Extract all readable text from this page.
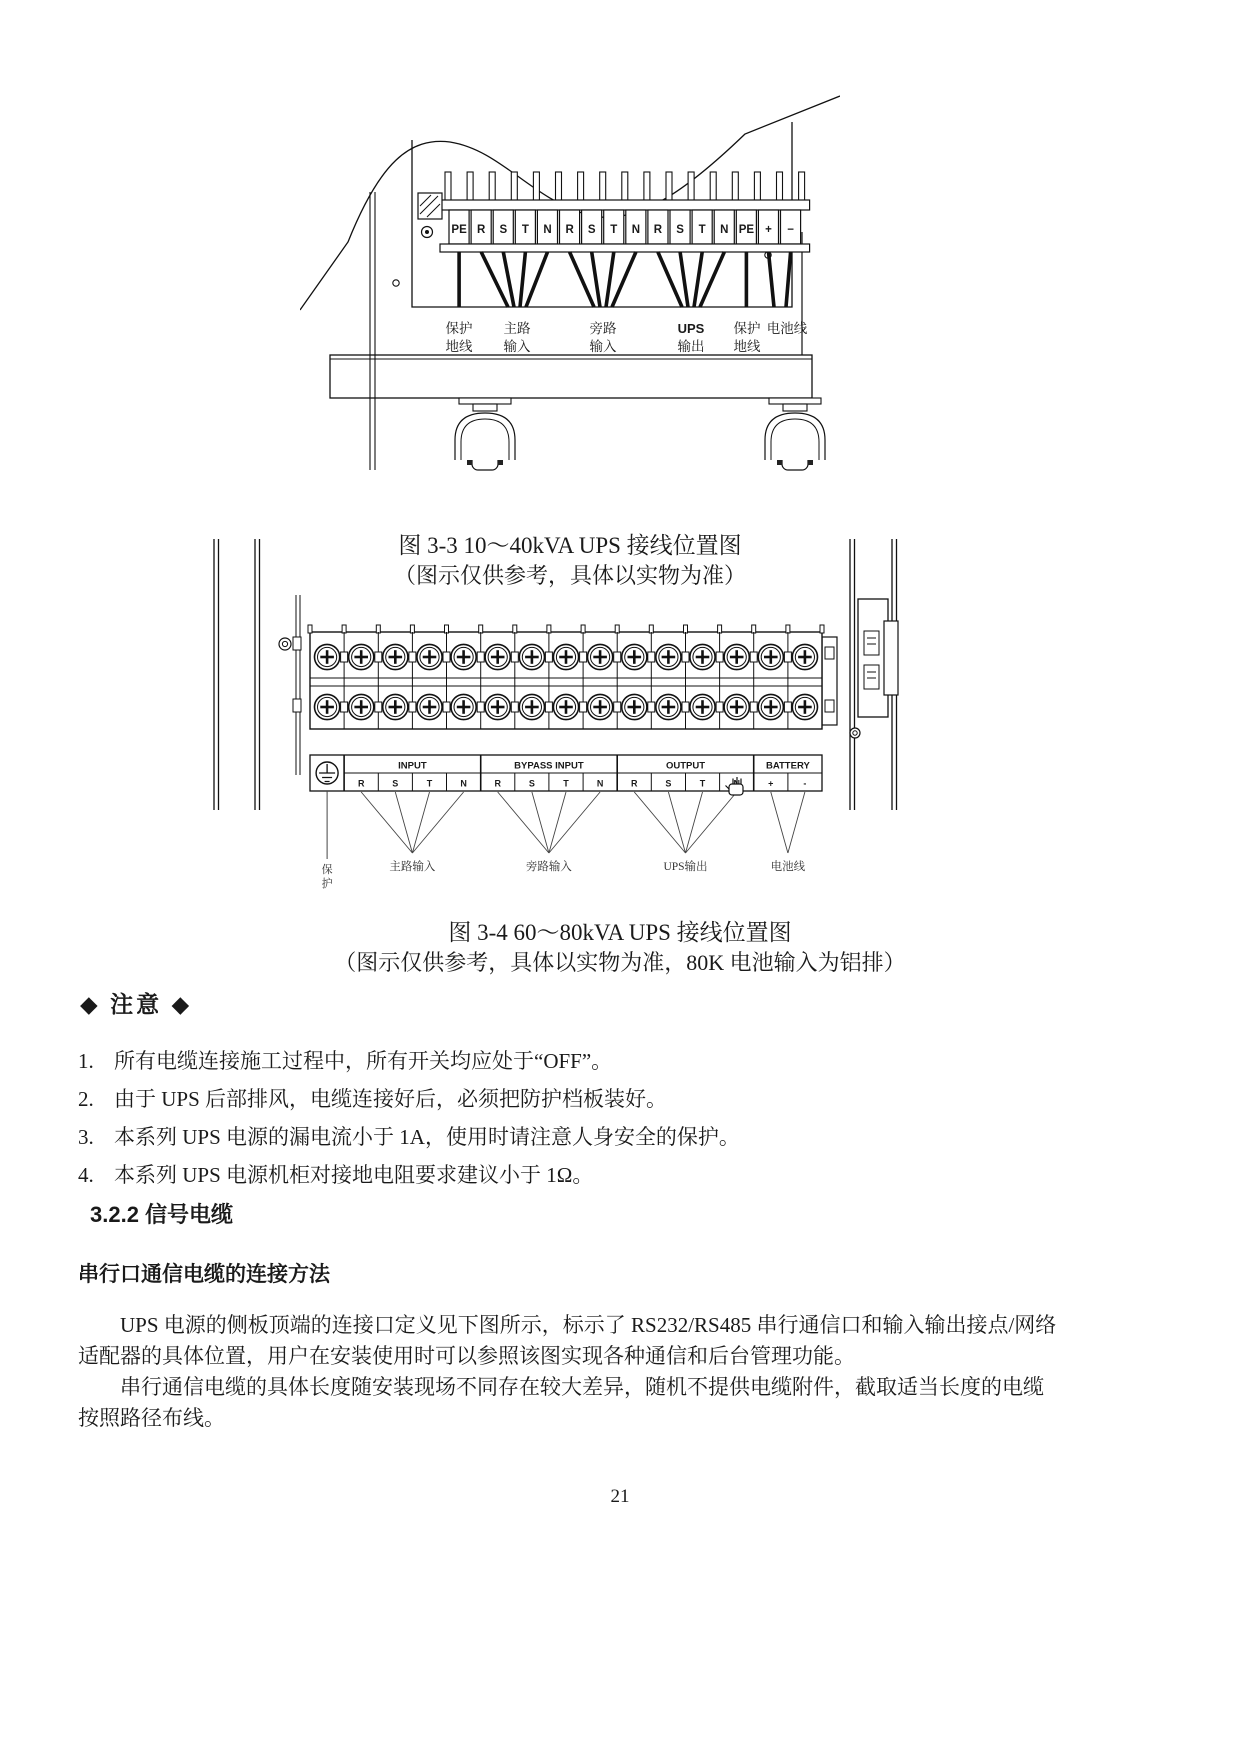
PE R S T N R S T N R S T N PE + −
保护
地线
主路
输入
旁路
输入
UPS
输出
保护
地线
电池线
INPUT
R	S	T	N
主路输入
BYPASS INPUT
R	S	T	N
旁路输入
OUTPUT
R	S	T
UPS输出
BATTERY
+	-
电池线
保
护
图 3-3 10～40kVA UPS 接线位置图
（图示仅供参考，具体以实物为准）
图 3-4 60～80kVA UPS 接线位置图
（图示仅供参考，具体以实物为准，80K 电池输入为铝排）
◆ 注意 ◆
1. 所有电缆连接施工过程中，所有开关均应处于“OFF”。
2. 由于 UPS 后部排风，电缆连接好后，必须把防护档板装好。
3. 本系列 UPS 电源的漏电流小于 1A，使用时请注意人身安全的保护。
4. 本系列 UPS 电源机柜对接地电阻要求建议小于 1Ω。
3.2.2 信号电缆
串行口通信电缆的连接方法
UPS 电源的侧板顶端的连接口定义见下图所示，标示了 RS232/RS485 串行通信口和输入输出接点/网络
适配器的具体位置，用户在安装使用时可以参照该图实现各种通信和后台管理功能。
串行通信电缆的具体长度随安装现场不同存在较大差异，随机不提供电缆附件，截取适当长度的电缆
按照路径布线。
21
